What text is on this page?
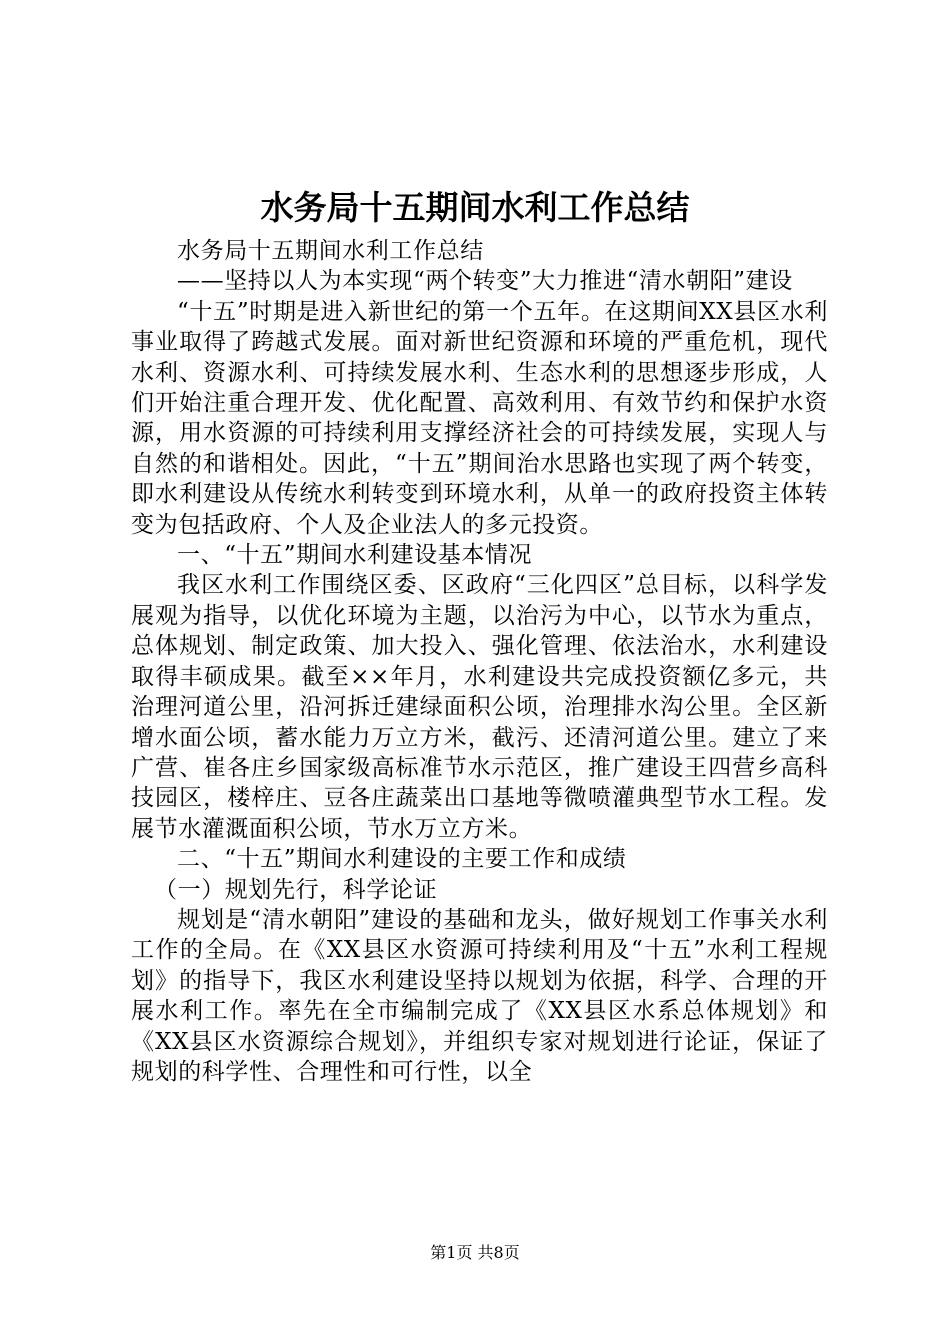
水务局十五期间水利工作总结

水务局十五期间水利工作总结

——坚持以人为本实现“两个转变”大力推进“清水朝阳”建设

“十五”时期是进入新世纪的第一个五年。在这期间XX县区水利事业取得了跨越式发展。面对新世纪资源和环境的严重危机，现代水利、资源水利、可持续发展水利、生态水利的思想逐步形成，人们开始注重合理开发、优化配置、高效利用、有效节约和保护水资源，用水资源的可持续利用支撑经济社会的可持续发展，实现人与自然的和谐相处。因此，“十五”期间治水思路也实现了两个转变，即水利建设从传统水利转变到环境水利，从单一的政府投资主体转变为包括政府、个人及企业法人的多元投资。

一、“十五”期间水利建设基本情况

我区水利工作围绕区委、区政府“三化四区”总目标，以科学发展观为指导，以优化环境为主题，以治污为中心，以节水为重点，总体规划、制定政策、加大投入、强化管理、依法治水，水利建设取得丰硕成果。截至××年月，水利建设共完成投资额亿多元，共治理河道公里，沿河拆迁建绿面积公顷，治理排水沟公里。全区新增水面公顷，蓄水能力万立方米，截污、还清河道公里。建立了来广营、崔各庄乡国家级高标准节水示范区，推广建设王四营乡高科技园区，楼梓庄、豆各庄蔬菜出口基地等微喷灌典型节水工程。发展节水灌溉面积公顷，节水万立方米。

二、“十五”期间水利建设的主要工作和成绩

（一）规划先行，科学论证

规划是“清水朝阳”建设的基础和龙头，做好规划工作事关水利工作的全局。在《XX县区水资源可持续利用及“十五”水利工程规划》的指导下，我区水利建设坚持以规划为依据，科学、合理的开展水利工作。率先在全市编制完成了《XX县区水系总体规划》和《XX县区水资源综合规划》，并组织专家对规划进行论证，保证了规划的科学性、合理性和可行性，以全

第1页 共8页
